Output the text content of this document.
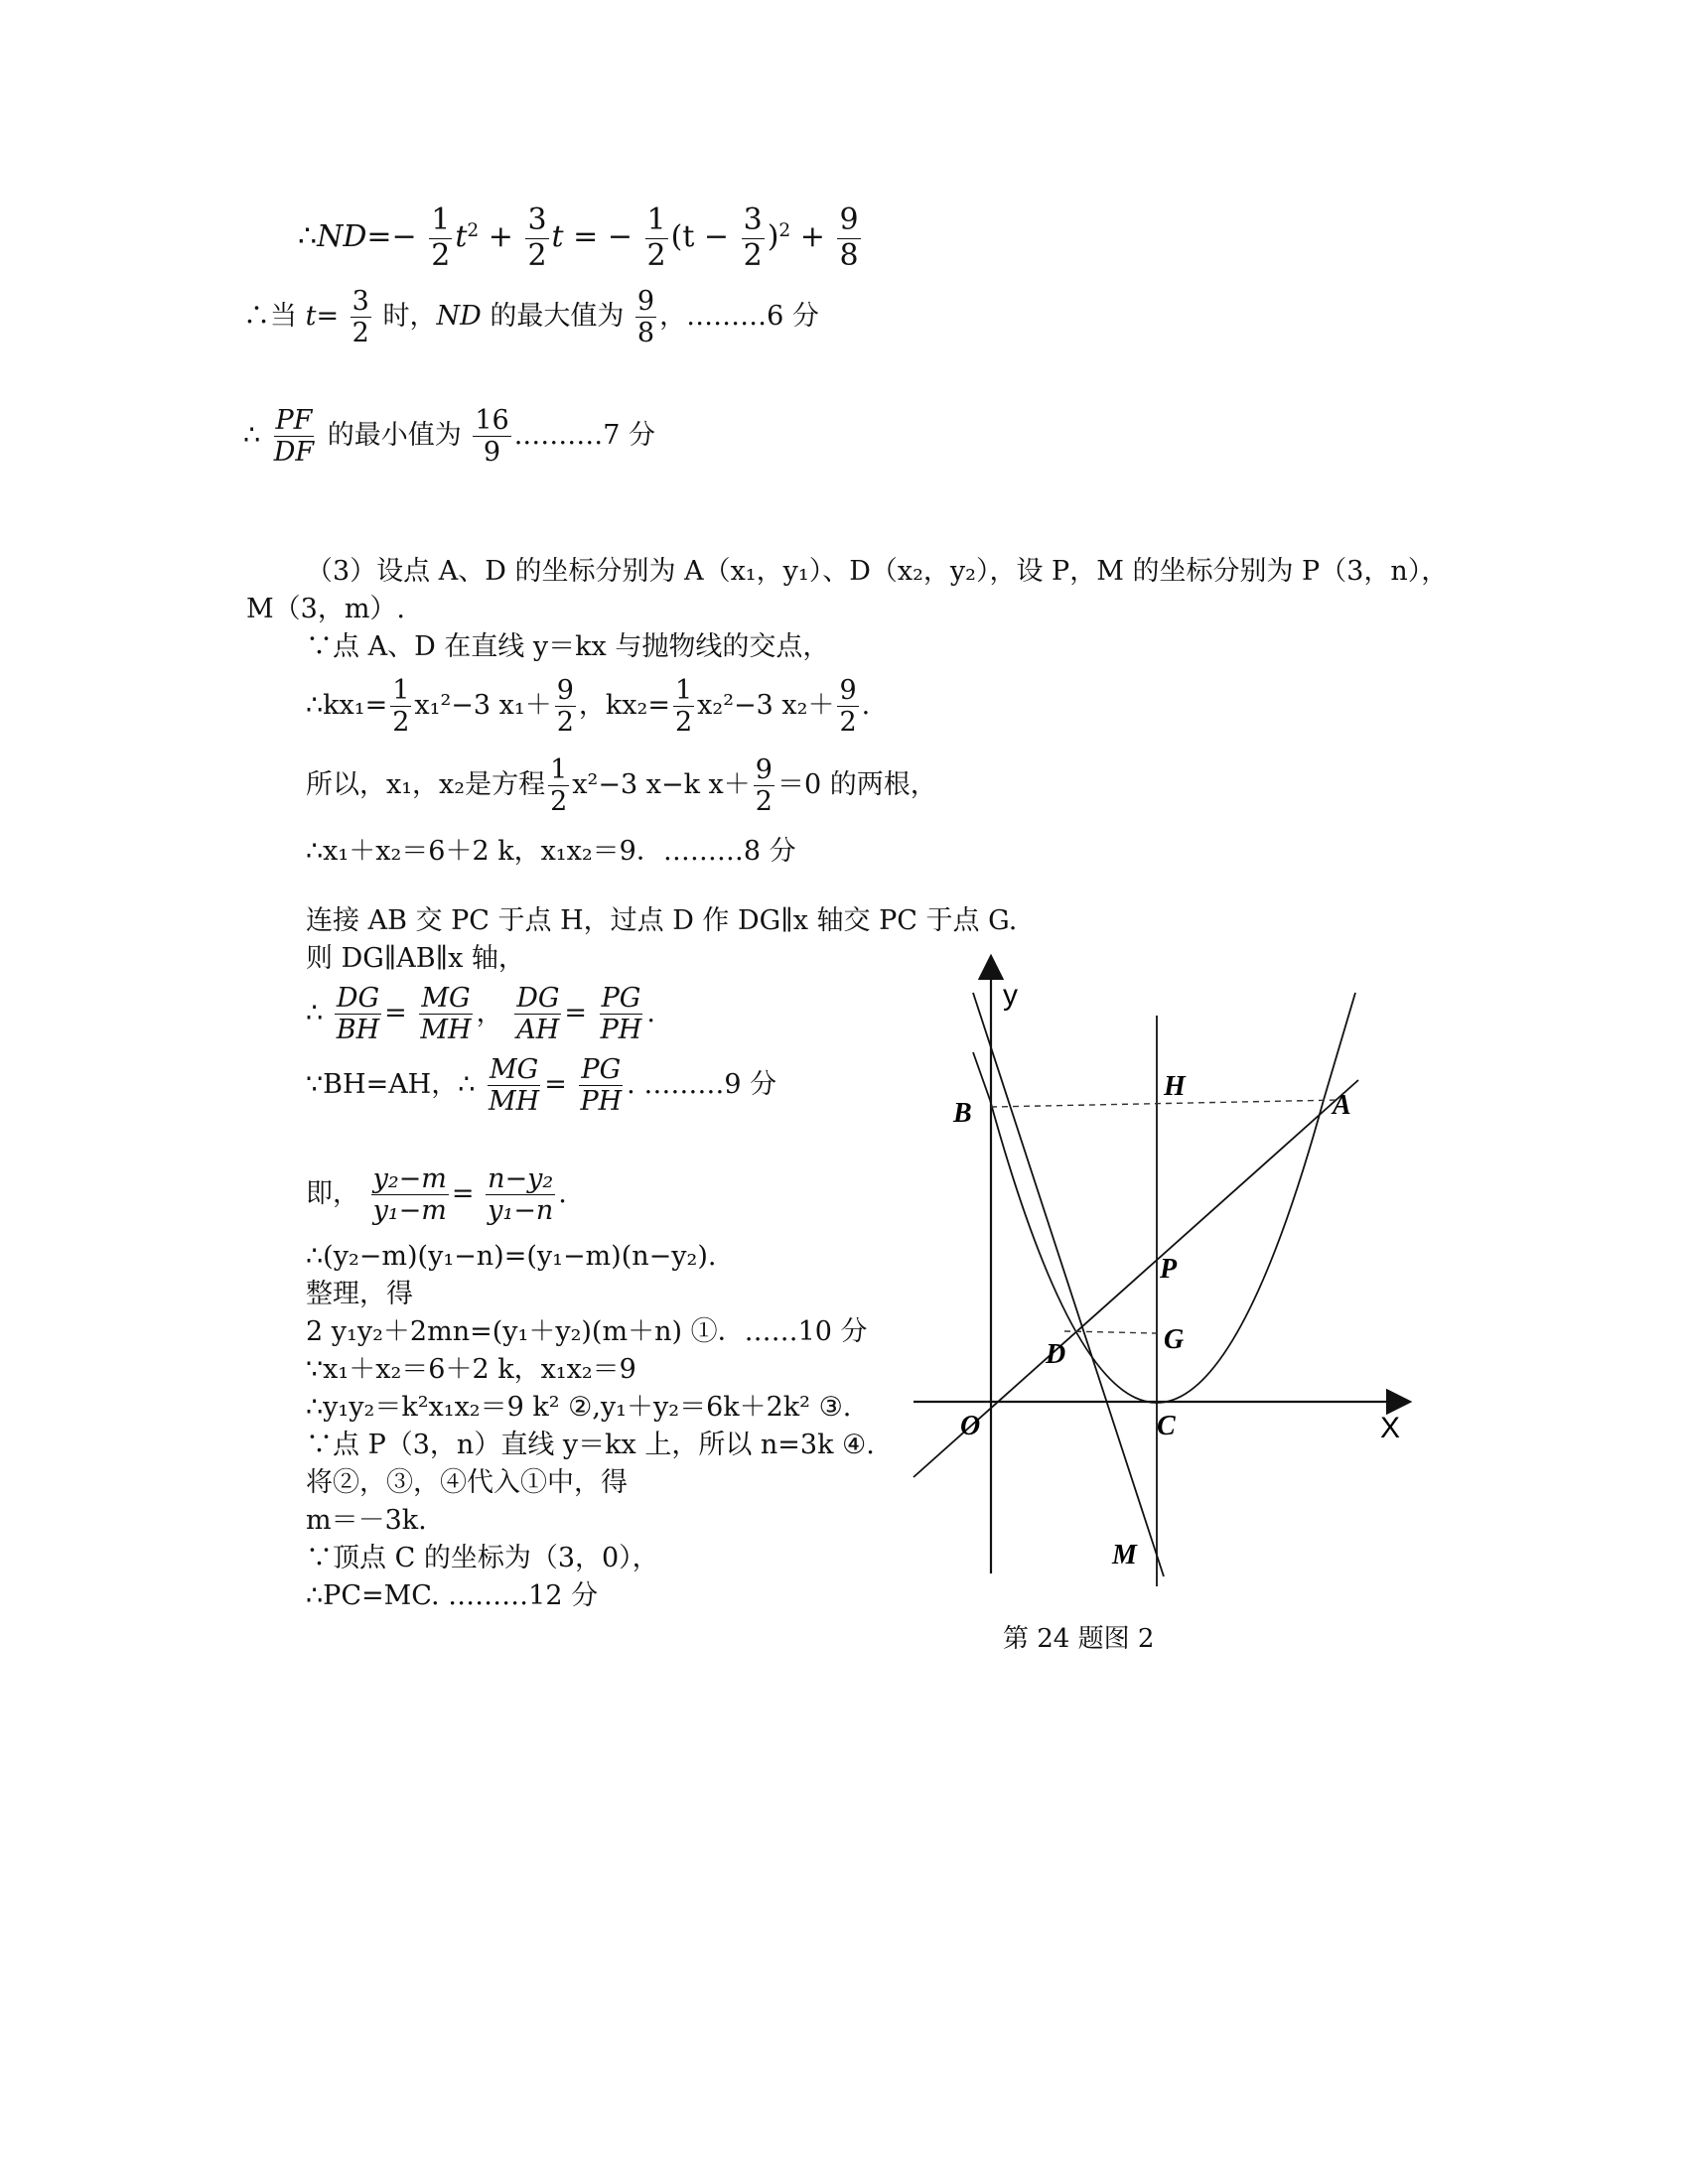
∴ND=− $\frac{1}{2} t^2 + \frac{3}{2}$ t = − $\frac{1}{2} (t - \frac{3}{2} )^2 + \frac{9}{8}$
∴当 $t= \frac{3}{2}$ 时，ND 的最大值为 $\frac{9}{8}$ ，………6 分
∴ $\frac{PF}{DF}$ 的最小值为 $\frac{16}{9}$ .………7 分
（3）设点 A、D 的坐标分别为 A（x₁，y₁）、D（x₂，y₂），设 P，M 的坐标分别为 P（3，n），
M（3，m）.
∵点 A、D 在直线 y＝kx 与抛物线的交点，
∴kx₁= $\frac{1}{2} x_1^2-3$ $x_1+ \frac{9}{2}$ ，$kx_2= \frac{1}{2} x_2^2-3$ $x_2+ \frac{9}{2}$ .
所以，x₁，x₂是方程 $\frac{1}{2} x^2-3$ x−k $x+ \frac{9}{2} =0$ 的两根，
∴x₁＋x₂＝6＋2 k，x₁x₂＝9．………8 分
连接 AB 交 PC 于点 H，过点 D 作 DG∥x 轴交 PC 于点 G.
则 DG∥AB∥x 轴，
∴ $\frac{DG}{BH} = \frac{MG}{MH}$ ， $\frac{DG}{AH} = \frac{PG}{PH}$ .
∵BH=AH，∴ $\frac{MG}{MH} = \frac{PG}{PH}$ . ………9 分
即， $\frac{\text{y₂−m}}{\text{y₁−m}} = \frac{\text{n−y₂}}{\text{y₁−n}}$ .
∴(y₂−m)(y₁−n)=(y₁−m)(n−y₂).
整理，得
2 y₁y₂＋2mn=(y₁＋y₂)(m＋n) ①．……10 分
∵x₁＋x₂＝6＋2 k，x₁x₂＝9
∴y₁y₂＝k²x₁x₂＝9 k² ②,y₁＋y₂＝6k＋2k² ③.
∵点 P（3，n）直线 y＝kx 上，所以 n=3k ④.
将②，③，④代入①中，得
m＝－3k.
∵顶点 C 的坐标为（3，0），
∴PC=MC. ………12 分
y
X
B
H
A
P
G
D
O	C
M
第 24 题图 2
